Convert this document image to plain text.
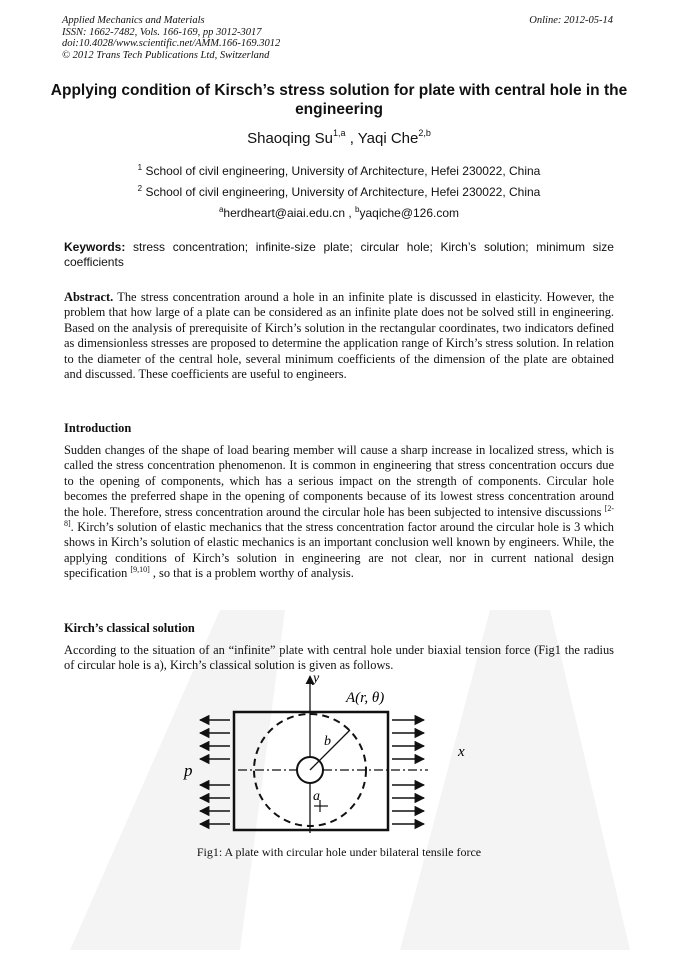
Applied Mechanics and Materials
ISSN: 1662-7482, Vols. 166-169, pp 3012-3017
doi:10.4028/www.scientific.net/AMM.166-169.3012
© 2012 Trans Tech Publications Ltd, Switzerland
Online: 2012-05-14
Applying condition of Kirsch’s stress solution for plate with central hole in the engineering
Shaoqing Su$^{1,a}$ , Yaqi Che$^{2,b}$
$^1$ School of civil engineering, University of Architecture, Hefei 230022, China
$^2$ School of civil engineering, University of Architecture, Hefei 230022, China
$^a$herdheart@aiai.edu.cn , $^b$yaqiche@126.com
Keywords: stress concentration; infinite-size plate; circular hole; Kirch’s solution; minimum size coefficients
Abstract. The stress concentration around a hole in an infinite plate is discussed in elasticity. However, the problem that how large of a plate can be considered as an infinite plate does not be solved still in engineering. Based on the analysis of prerequisite of Kirch’s solution in the rectangular coordinates, two indicators defined as dimensionless stresses are proposed to determine the application range of Kirch’s stress solution. In relation to the diameter of the central hole, several minimum coefficients of the dimension of the plate are obtained and discussed. These coefficients are useful to engineers.
Introduction
Sudden changes of the shape of load bearing member will cause a sharp increase in localized stress, which is called the stress concentration phenomenon. It is common in engineering that stress concentration occurs due to the opening of components, which has a serious impact on the strength of components. Circular hole becomes the preferred shape in the opening of components because of its lowest stress concentration around the hole. Therefore, stress concentration around the circular hole has been subjected to intensive discussions [2-8]. Kirch’s solution of elastic mechanics that the stress concentration factor around the circular hole is 3 which shows in Kirch’s solution of elastic mechanics is an important conclusion well known by engineers. While, the applying conditions of Kirch’s solution in engineering are not clear, nor in current national design specification [9,10] , so that is a problem worthy of analysis.
Kirch’s classical solution
According to the situation of an “infinite” plate with central hole under biaxial tension force (Fig1 the radius of circular hole is a), Kirch’s classical solution is given as follows.
y
x
A(r, θ)
b
a
p
Fig1: A plate with circular hole under bilateral tensile force
